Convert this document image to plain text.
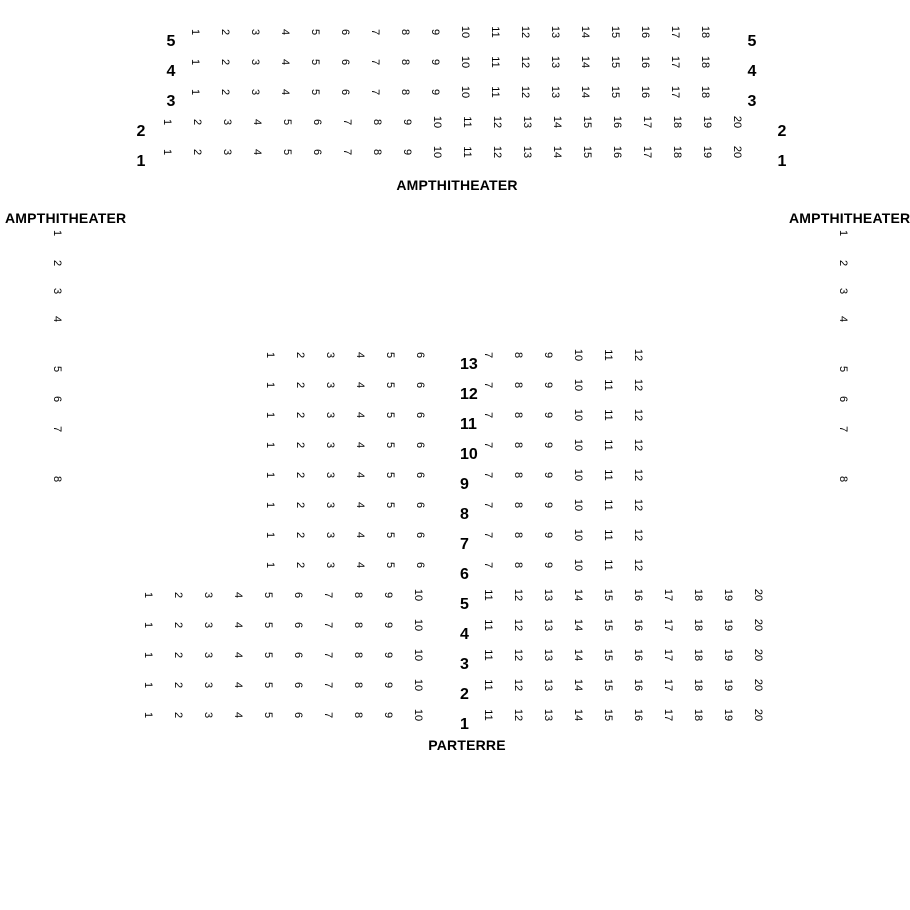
AMPTHITHEATER
AMPTHITHEATER	AMPTHITHEATER
PARTERRE
1	2	3	4	5	6	7	8	9	10	11	12	13	14	15	16	17	18
5	5
1	2	3	4	5	6	7	8	9	10	11	12	13	14	15	16	17	18
4	4
1	2	3	4	5	6	7	8	9	10	11	12	13	14	15	16	17	18
3	3
1	2	3	4	5	6	7	8	9	10	11	12	13	14	15	16	17	18	19	20
2	2
1	2	3	4	5	6	7	8	9	10	11	12	13	14	15	16	17	18	19	20
1	1
1
2
3
4
5
6
7
8
1
2
3
4
5
6
7
8
1	2	3	4	5	6	7	8	9	10	11	12
13
1	2	3	4	5	6	7	8	9	10	11	12
12
1	2	3	4	5	6	7	8	9	10	11	12
11
1	2	3	4	5	6	7	8	9	10	11	12
10
1	2	3	4	5	6	7	8	9	10	11	12
9
1	2	3	4	5	6	7	8	9	10	11	12
8
1	2	3	4	5	6	7	8	9	10	11	12
7
1	2	3	4	5	6	7	8	9	10	11	12
6
1	2	3	4	5	6	7	8	9	10	11	12	13	14	15	16	17	18	19	20
5
1	2	3	4	5	6	7	8	9	10	11	12	13	14	15	16	17	18	19	20
4
1	2	3	4	5	6	7	8	9	10	11	12	13	14	15	16	17	18	19	20
3
1	2	3	4	5	6	7	8	9	10	11	12	13	14	15	16	17	18	19	20
2
1	2	3	4	5	6	7	8	9	10	11	12	13	14	15	16	17	18	19	20
1
